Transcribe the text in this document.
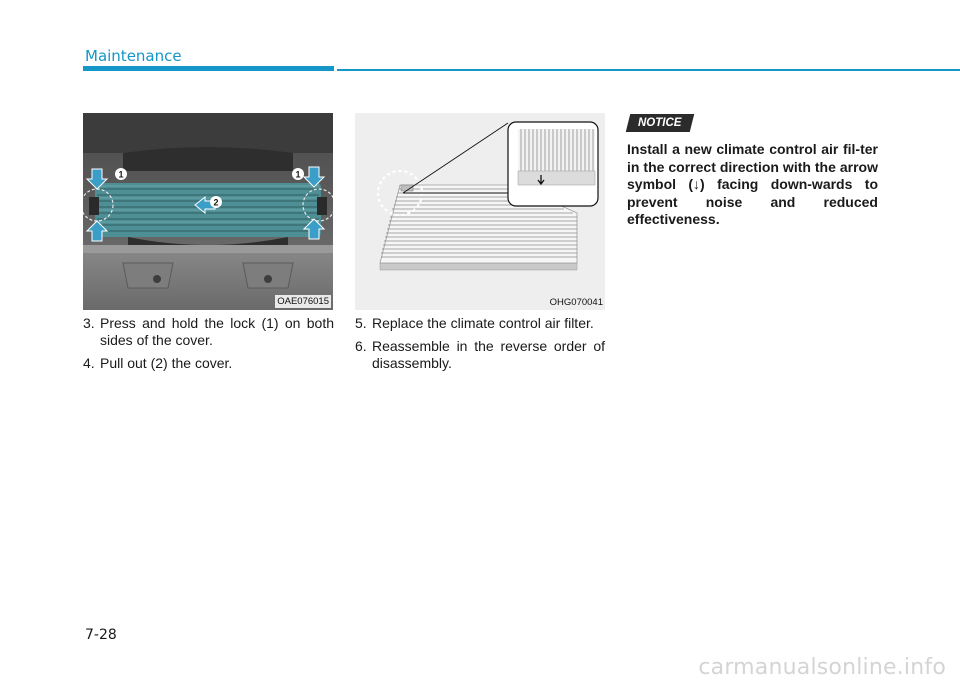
Maintenance
1	1
2
OAE076015	OHG070041
3. Press and hold the lock (1) on both sides of the cover.
4. Pull out (2) the cover.
5. Replace the climate control air filter.
6. Reassemble in the reverse order of disassembly.
NOTICE
Install a new climate control air fil-ter in the correct direction with the arrow symbol (↓) facing down-wards to prevent noise and reduced effectiveness.
7-28
carmanualsonline.info
